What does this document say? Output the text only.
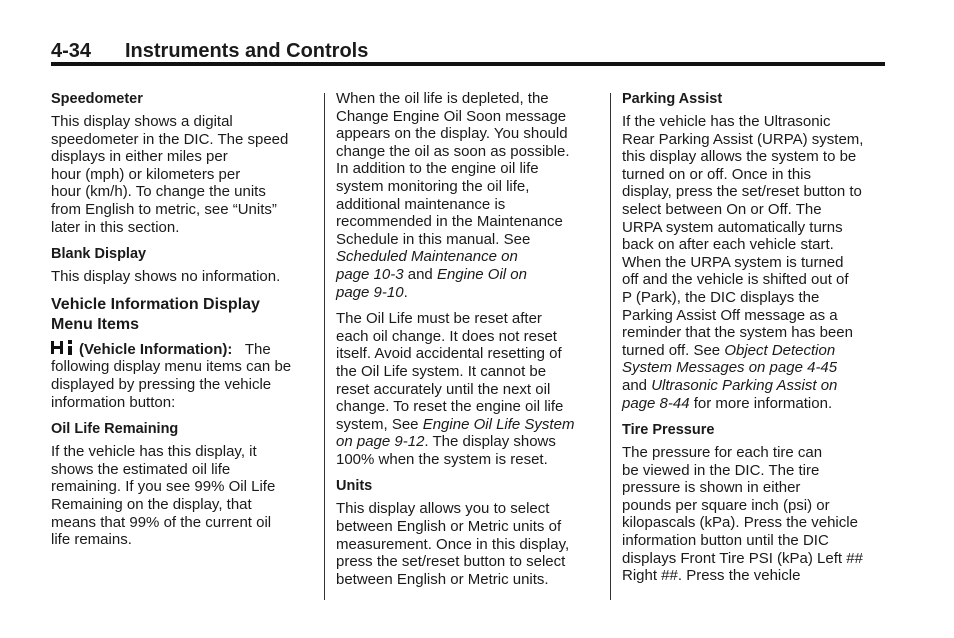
4-34 Instruments and Controls
Speedometer

This display shows a digital
speedometer in the DIC. The speed
displays in either miles per
hour (mph) or kilometers per
hour (km/h). To change the units
from English to metric, see “Units”
later in this section.

Blank Display

This display shows no information.

Vehicle Information Display
Menu Items

(Vehicle Information): The
following display menu items can be
displayed by pressing the vehicle
information button:

Oil Life Remaining

If the vehicle has this display, it
shows the estimated oil life
remaining. If you see 99% Oil Life
Remaining on the display, that
means that 99% of the current oil
life remains.

When the oil life is depleted, the
Change Engine Oil Soon message
appears on the display. You should
change the oil as soon as possible.
In addition to the engine oil life
system monitoring the oil life,
additional maintenance is
recommended in the Maintenance
Schedule in this manual. See
Scheduled Maintenance on
page 10-3 and Engine Oil on
page 9-10.

The Oil Life must be reset after
each oil change. It does not reset
itself. Avoid accidental resetting of
the Oil Life system. It cannot be
reset accurately until the next oil
change. To reset the engine oil life
system, See Engine Oil Life System
on page 9-12. The display shows
100% when the system is reset.

Units

This display allows you to select
between English or Metric units of
measurement. Once in this display,
press the set/reset button to select
between English or Metric units.

Parking Assist

If the vehicle has the Ultrasonic
Rear Parking Assist (URPA) system,
this display allows the system to be
turned on or off. Once in this
display, press the set/reset button to
select between On or Off. The
URPA system automatically turns
back on after each vehicle start.
When the URPA system is turned
off and the vehicle is shifted out of
P (Park), the DIC displays the
Parking Assist Off message as a
reminder that the system has been
turned off. See Object Detection
System Messages on page 4-45
and Ultrasonic Parking Assist on
page 8-44 for more information.

Tire Pressure

The pressure for each tire can
be viewed in the DIC. The tire
pressure is shown in either
pounds per square inch (psi) or
kilopascals (kPa). Press the vehicle
information button until the DIC
displays Front Tire PSI (kPa) Left ##
Right ##. Press the vehicle
